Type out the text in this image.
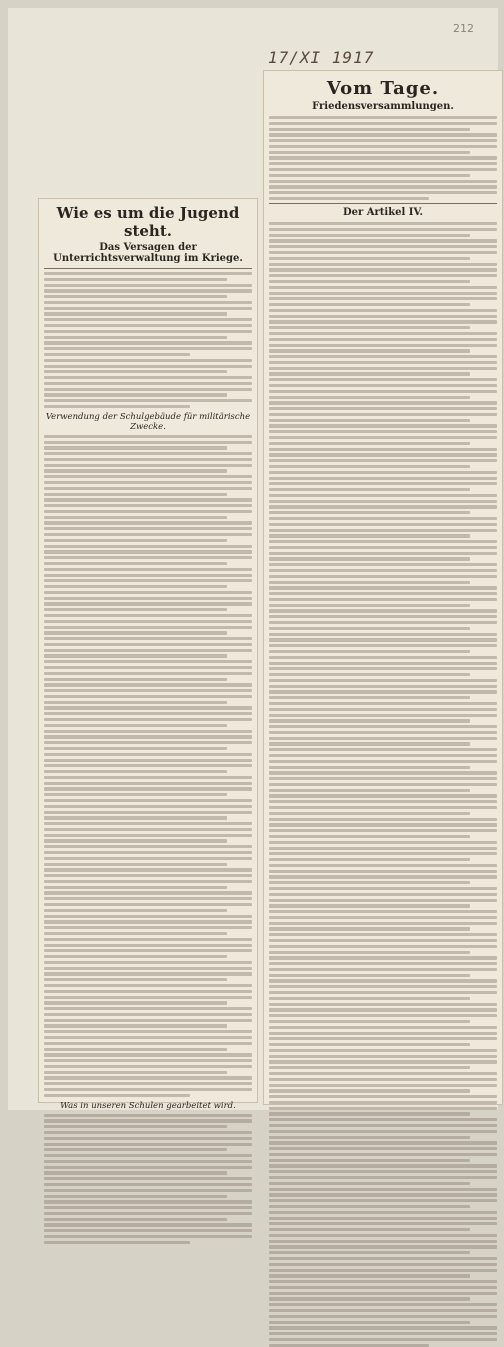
212
17/XI 1917
Wie es um die Jugend steht.
Das Versagen der Unterrichtsverwaltung im Kriege.
Verwendung der Schulgebäude für militärische Zwecke.
Was in unseren Schulen gearbeitet wird.
Vom Tage.
Friedensversammlungen.
Der Artikel IV.
